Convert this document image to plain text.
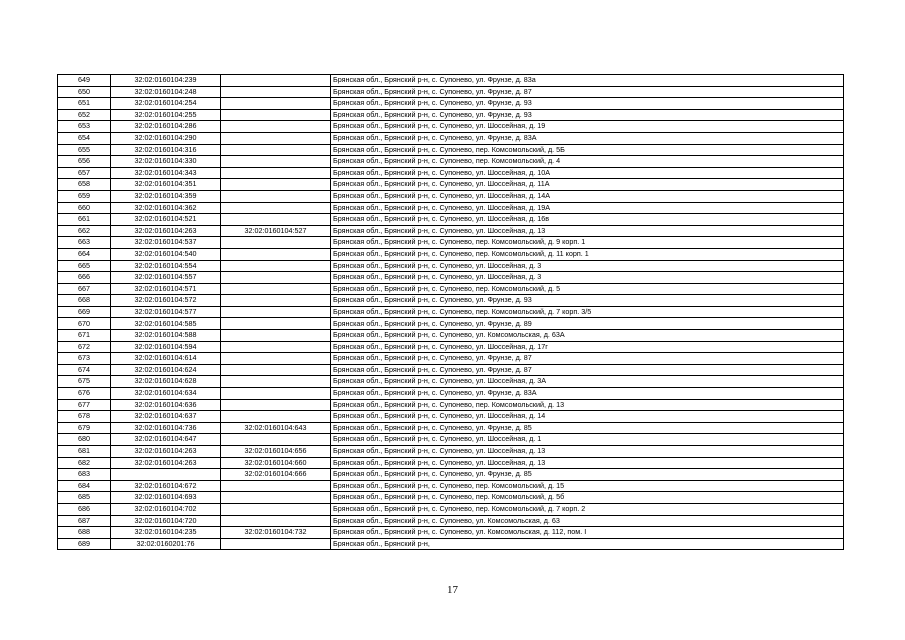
649	32:02:0160104:239		Брянская обл., Брянский р-н, с. Супонево, ул. Фрунзе, д. 83а
650	32:02:0160104:248		Брянская обл., Брянский р-н, с. Супонево, ул. Фрунзе, д. 87
651	32:02:0160104:254		Брянская обл., Брянский р-н, с. Супонево, ул. Фрунзе, д. 93
652	32:02:0160104:255		Брянская обл., Брянский р-н, с. Супонево, ул. Фрунзе, д. 93
653	32:02:0160104:286		Брянская обл., Брянский р-н, с. Супонево, ул. Шоссейная, д. 19
654	32:02:0160104:290		Брянская обл., Брянский р-н, с. Супонево, ул. Фрунзе, д. 83А
655	32:02:0160104:316		Брянская обл., Брянский р-н, с. Супонево, пер. Комсомольский, д. 5Б
656	32:02:0160104:330		Брянская обл., Брянский р-н, с. Супонево, пер. Комсомольский, д. 4
657	32:02:0160104:343		Брянская обл., Брянский р-н, с. Супонево, ул. Шоссейная, д. 10А
658	32:02:0160104:351		Брянская обл., Брянский р-н, с. Супонево, ул. Шоссейная, д. 11А
659	32:02:0160104:359		Брянская обл., Брянский р-н, с. Супонево, ул. Шоссейная, д. 14А
660	32:02:0160104:362		Брянская обл., Брянский р-н, с. Супонево, ул. Шоссейная, д. 19А
661	32:02:0160104:521		Брянская обл., Брянский р-н, с. Супонево, ул. Шоссейная, д. 16в
662	32:02:0160104:263	32:02:0160104:527	Брянская обл., Брянский р-н, с. Супонево, ул. Шоссейная, д. 13
663	32:02:0160104:537		Брянская обл., Брянский р-н, с. Супонево, пер. Комсомольский, д. 9 корп. 1
664	32:02:0160104:540		Брянская обл., Брянский р-н, с. Супонево, пер. Комсомольский, д. 11 корп. 1
665	32:02:0160104:554		Брянская обл., Брянский р-н, с. Супонево, ул. Шоссейная, д. 3
666	32:02:0160104:557		Брянская обл., Брянский р-н, с. Супонево, ул. Шоссейная, д. 3
667	32:02:0160104:571		Брянская обл., Брянский р-н, с. Супонево, пер. Комсомольский, д. 5
668	32:02:0160104:572		Брянская обл., Брянский р-н, с. Супонево, ул. Фрунзе, д. 93
669	32:02:0160104:577		Брянская обл., Брянский р-н, с. Супонево, пер. Комсомольский, д. 7 корп. 3/5
670	32:02:0160104:585		Брянская обл., Брянский р-н, с. Супонево, ул. Фрунзе, д. 89
671	32:02:0160104:588		Брянская обл., Брянский р-н, с. Супонево, ул. Комсомольская, д. 63А
672	32:02:0160104:594		Брянская обл., Брянский р-н, с. Супонево, ул. Шоссейная, д. 17г
673	32:02:0160104:614		Брянская обл., Брянский р-н, с. Супонево, ул. Фрунзе, д. 87
674	32:02:0160104:624		Брянская обл., Брянский р-н, с. Супонево, ул. Фрунзе, д. 87
675	32:02:0160104:628		Брянская обл., Брянский р-н, с. Супонево, ул. Шоссейная, д. 3А
676	32:02:0160104:634		Брянская обл., Брянский р-н, с. Супонево, ул. Фрунзе, д. 83А
677	32:02:0160104:636		Брянская обл., Брянский р-н, с. Супонево, пер. Комсомольский, д. 13
678	32:02:0160104:637		Брянская обл., Брянский р-н, с. Супонево, ул. Шоссейная, д. 14
679	32:02:0160104:736	32:02:0160104:643	Брянская обл., Брянский р-н, с. Супонево, ул. Фрунзе, д. 85
680	32:02:0160104:647		Брянская обл., Брянский р-н, с. Супонево, ул. Шоссейная, д. 1
681	32:02:0160104:263	32:02:0160104:656	Брянская обл., Брянский р-н, с. Супонево, ул. Шоссейная, д. 13
682	32:02:0160104:263	32:02:0160104:660	Брянская обл., Брянский р-н, с. Супонево, ул. Шоссейная, д. 13
683		32:02:0160104:666	Брянская обл., Брянский р-н, с. Супонево, ул. Фрунзе, д. 85
684	32:02:0160104:672		Брянская обл., Брянский р-н, с. Супонево, пер. Комсомольский, д. 15
685	32:02:0160104:693		Брянская обл., Брянский р-н, с. Супонево, пер. Комсомольский, д. 5б
686	32:02:0160104:702		Брянская обл., Брянский р-н, с. Супонево, пер. Комсомольский, д. 7 корп. 2
687	32:02:0160104:720		Брянская обл., Брянский р-н, с. Супонево, ул. Комсомольская, д. 63
688	32:02:0160104:235	32:02:0160104:732	Брянская обл., Брянский р-н, с. Супонево, ул. Комсомольская, д. 112, пом. I
689	32:02:0160201:76		Брянская обл., Брянский р-н,
17
